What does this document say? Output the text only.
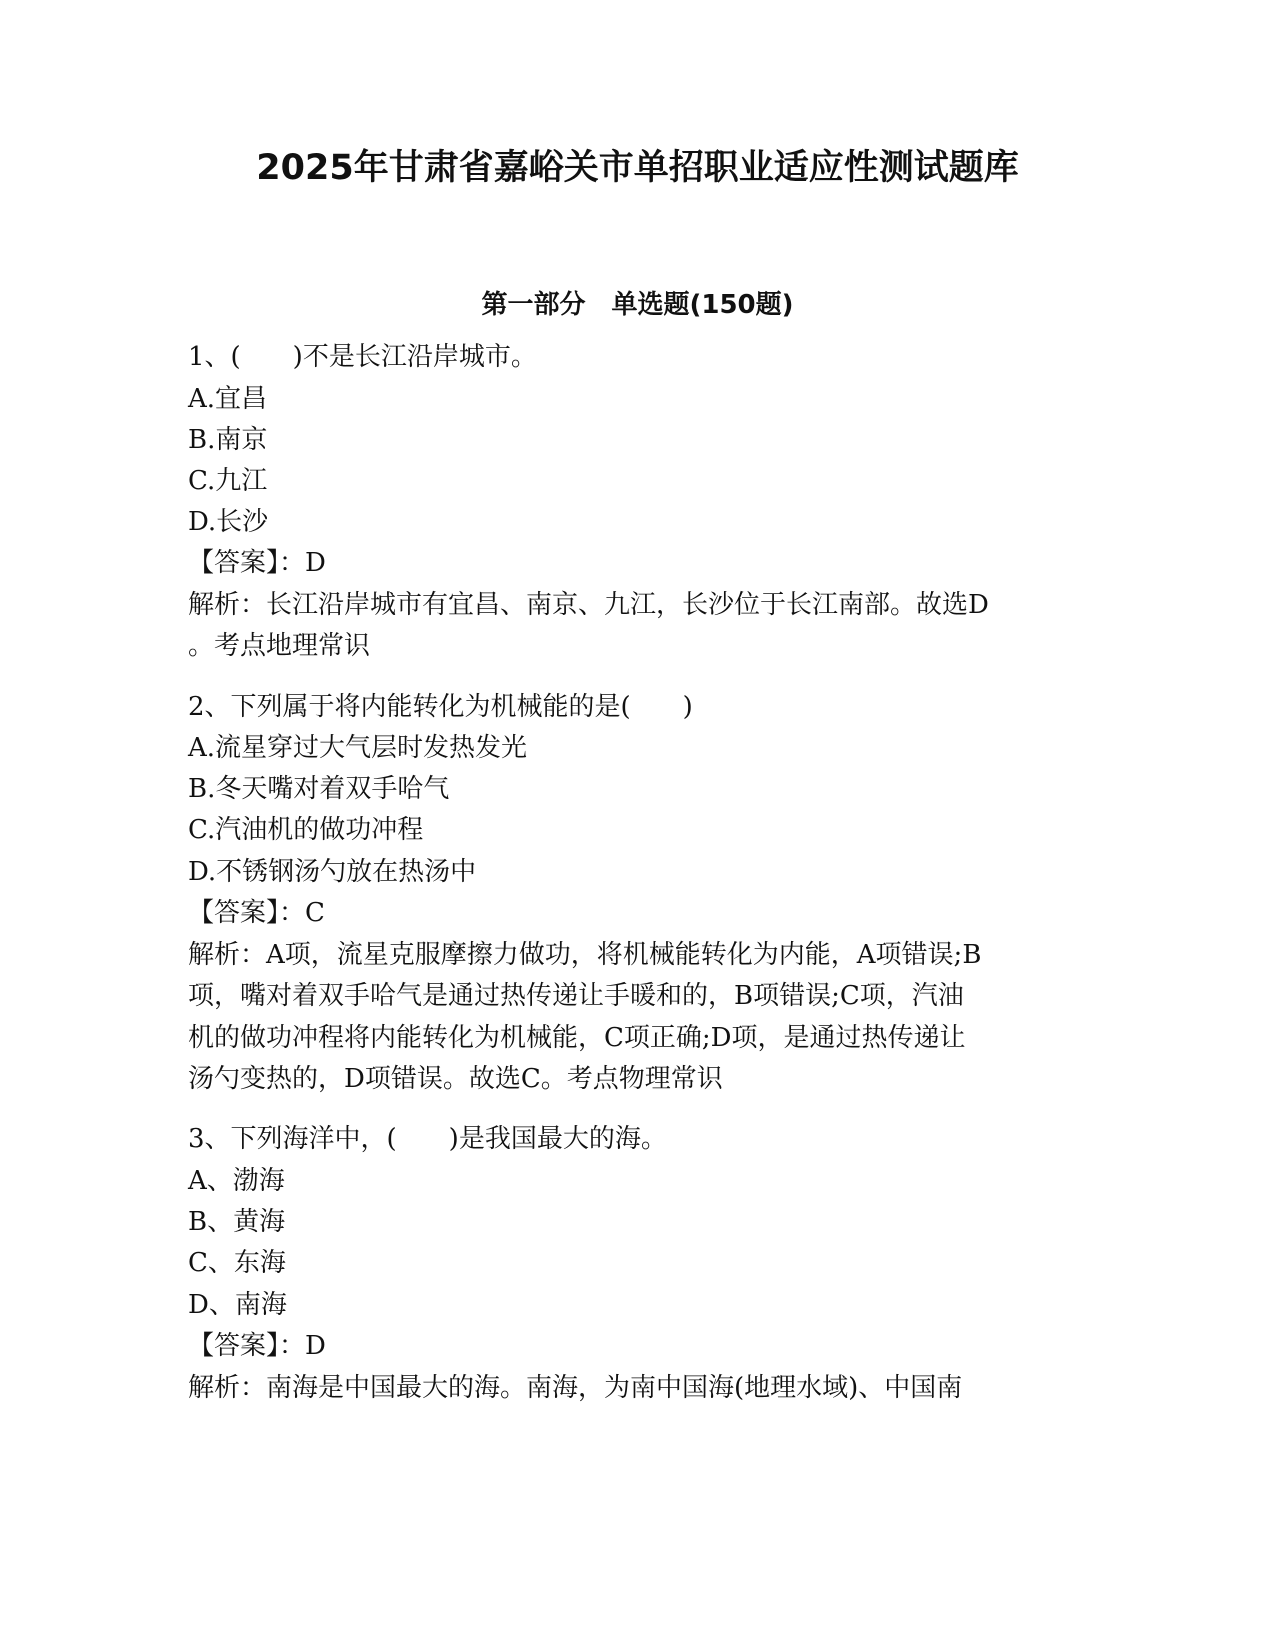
2025年甘肃省嘉峪关市单招职业适应性测试题库
第一部分　单选题(150题)

1、(　　)不是长江沿岸城市。

A.宜昌

B.南京

C.九江

D.长沙

【答案】：D

解析：长江沿岸城市有宜昌、南京、九江，长沙位于长江南部。故选D

。考点地理常识

2、下列属于将内能转化为机械能的是(　　)

A.流星穿过大气层时发热发光

B.冬天嘴对着双手哈气

C.汽油机的做功冲程

D.不锈钢汤勺放在热汤中

【答案】：C

解析：A项，流星克服摩擦力做功，将机械能转化为内能，A项错误;B

项，嘴对着双手哈气是通过热传递让手暖和的，B项错误;C项，汽油

机的做功冲程将内能转化为机械能，C项正确;D项，是通过热传递让

汤勺变热的，D项错误。故选C。考点物理常识

3、下列海洋中，(　　)是我国最大的海。

A、渤海

B、黄海

C、东海

D、南海

【答案】：D

解析：南海是中国最大的海。南海，为南中国海(地理水域)、中国南
